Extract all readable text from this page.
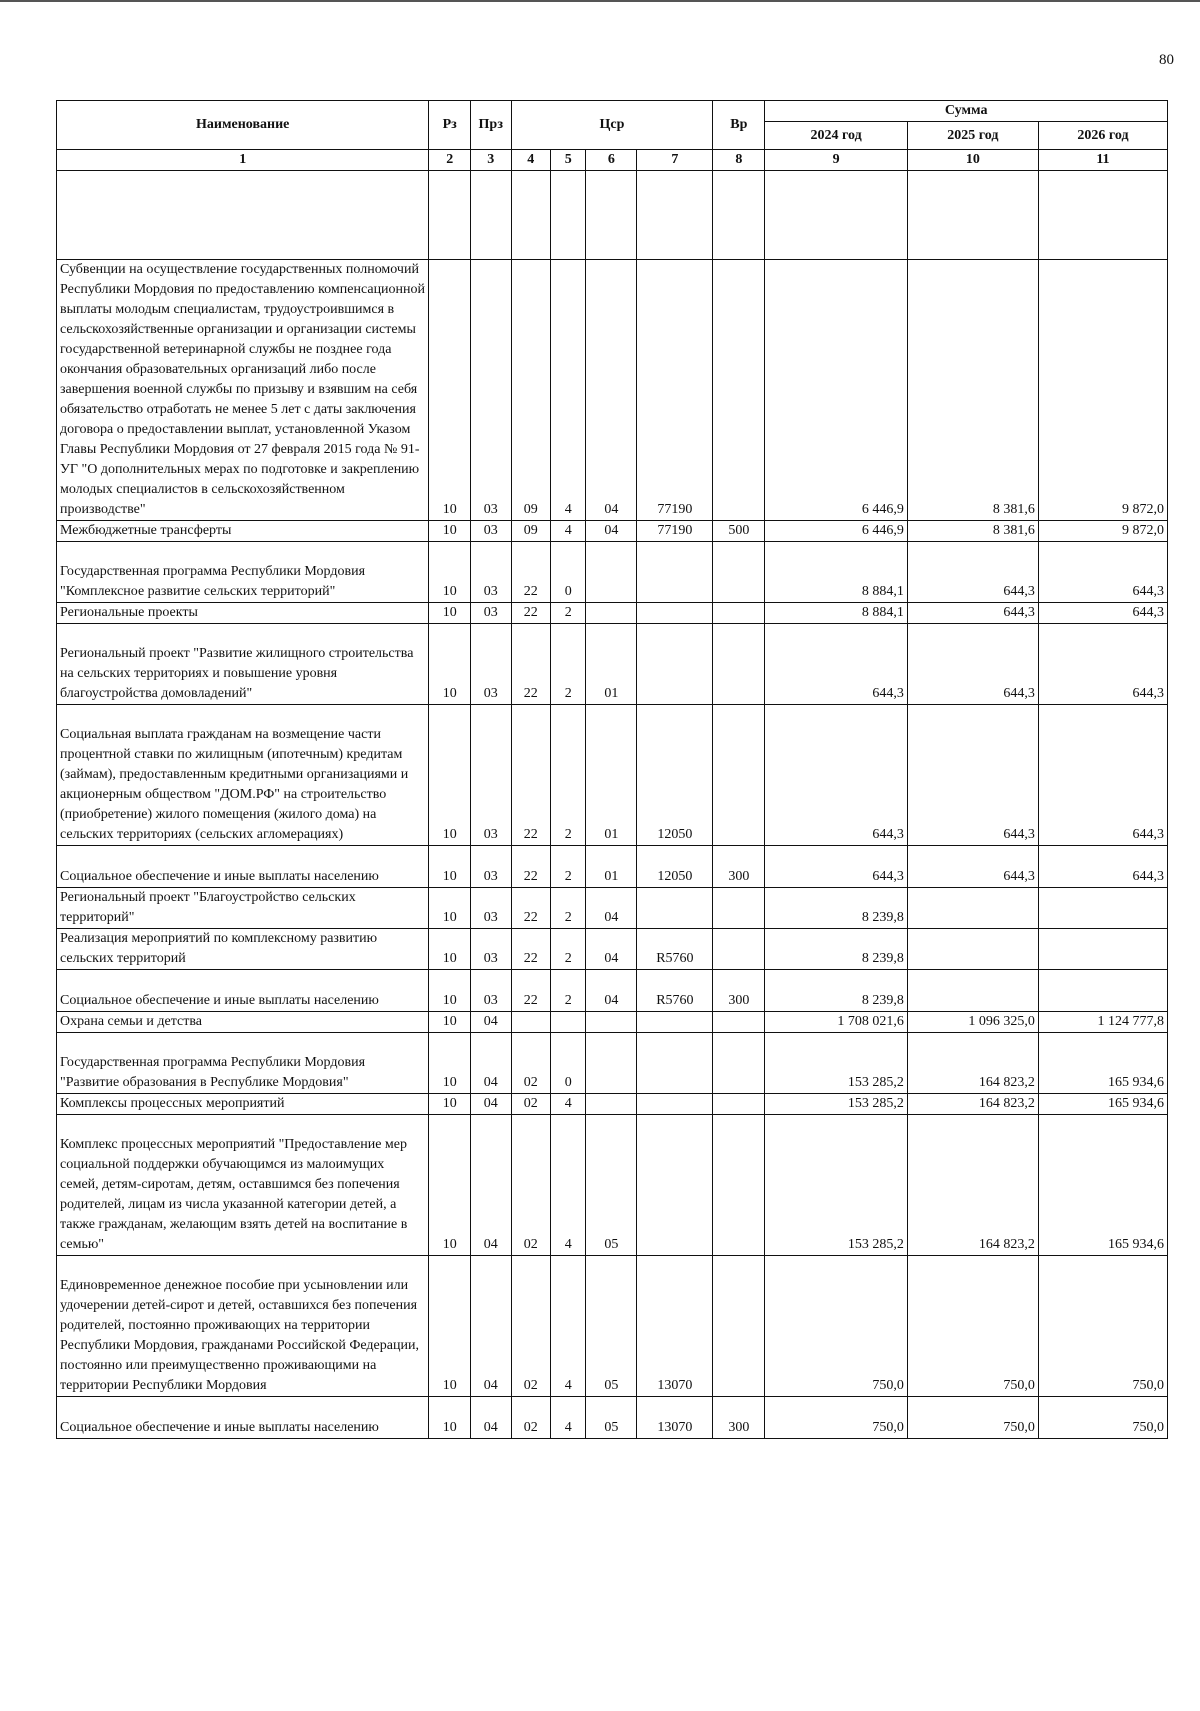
80
Наименование	Рз	Прз	Цср				Вр	Сумма		
								2024 год	2025 год	2026 год
1	2	3	4	5	6	7	8	9	10	11

Субвенции на осуществление государственных полномочий Республики Мордовия по предоставлению компенсационной выплаты молодым специалистам, трудоустроившимся в сельскохозяйственные организации и организации системы государственной ветеринарной службы не позднее года окончания образовательных организаций либо после завершения военной службы по призыву и взявшим на себя обязательство отработать не менее 5 лет с даты заключения договора о предоставлении выплат, установленной Указом Главы Республики Мордовия от 27 февраля 2015 года № 91-УГ "О дополнительных мерах по подготовке и закреплению молодых специалистов в сельскохозяйственном производстве"	10	03	09	4	04	77190		6 446,9	8 381,6	9 872,0
Межбюджетные трансферты	10	03	09	4	04	77190	500	6 446,9	8 381,6	9 872,0
Государственная программа Республики Мордовия "Комплексное развитие сельских территорий"	10	03	22	0				8 884,1	644,3	644,3
Региональные проекты	10	03	22	2				8 884,1	644,3	644,3
Региональный проект "Развитие жилищного строительства на сельских территориях и повышение уровня благоустройства домовладений"	10	03	22	2	01			644,3	644,3	644,3
Социальная выплата гражданам на возмещение части процентной ставки по жилищным (ипотечным) кредитам (займам), предоставленным кредитными организациями и акционерным обществом "ДОМ.РФ" на строительство (приобретение) жилого помещения (жилого дома) на сельских территориях (сельских агломерациях)	10	03	22	2	01	12050		644,3	644,3	644,3
Социальное обеспечение и иные выплаты населению	10	03	22	2	01	12050	300	644,3	644,3	644,3
Региональный проект "Благоустройство сельских территорий"	10	03	22	2	04			8 239,8		
Реализация мероприятий по комплексному развитию сельских территорий	10	03	22	2	04	R5760		8 239,8		
Социальное обеспечение и иные выплаты населению	10	03	22	2	04	R5760	300	8 239,8		
Охрана семьи и детства	10	04						1 708 021,6	1 096 325,0	1 124 777,8
Государственная программа Республики Мордовия "Развитие образования в Республике Мордовия"	10	04	02	0				153 285,2	164 823,2	165 934,6
Комплексы процессных мероприятий	10	04	02	4				153 285,2	164 823,2	165 934,6
Комплекс процессных мероприятий "Предоставление мер социальной поддержки обучающимся из малоимущих семей, детям-сиротам, детям, оставшимся без попечения родителей, лицам из числа указанной категории детей, а также гражданам, желающим взять детей на воспитание в семью"	10	04	02	4	05			153 285,2	164 823,2	165 934,6
Единовременное денежное пособие при усыновлении или удочерении детей-сирот и детей, оставшихся без попечения родителей, постоянно проживающих на территории Республики Мордовия, гражданами Российской Федерации, постоянно или преимущественно проживающими на территории Республики Мордовия	10	04	02	4	05	13070		750,0	750,0	750,0
Социальное обеспечение и иные выплаты населению	10	04	02	4	05	13070	300	750,0	750,0	750,0
